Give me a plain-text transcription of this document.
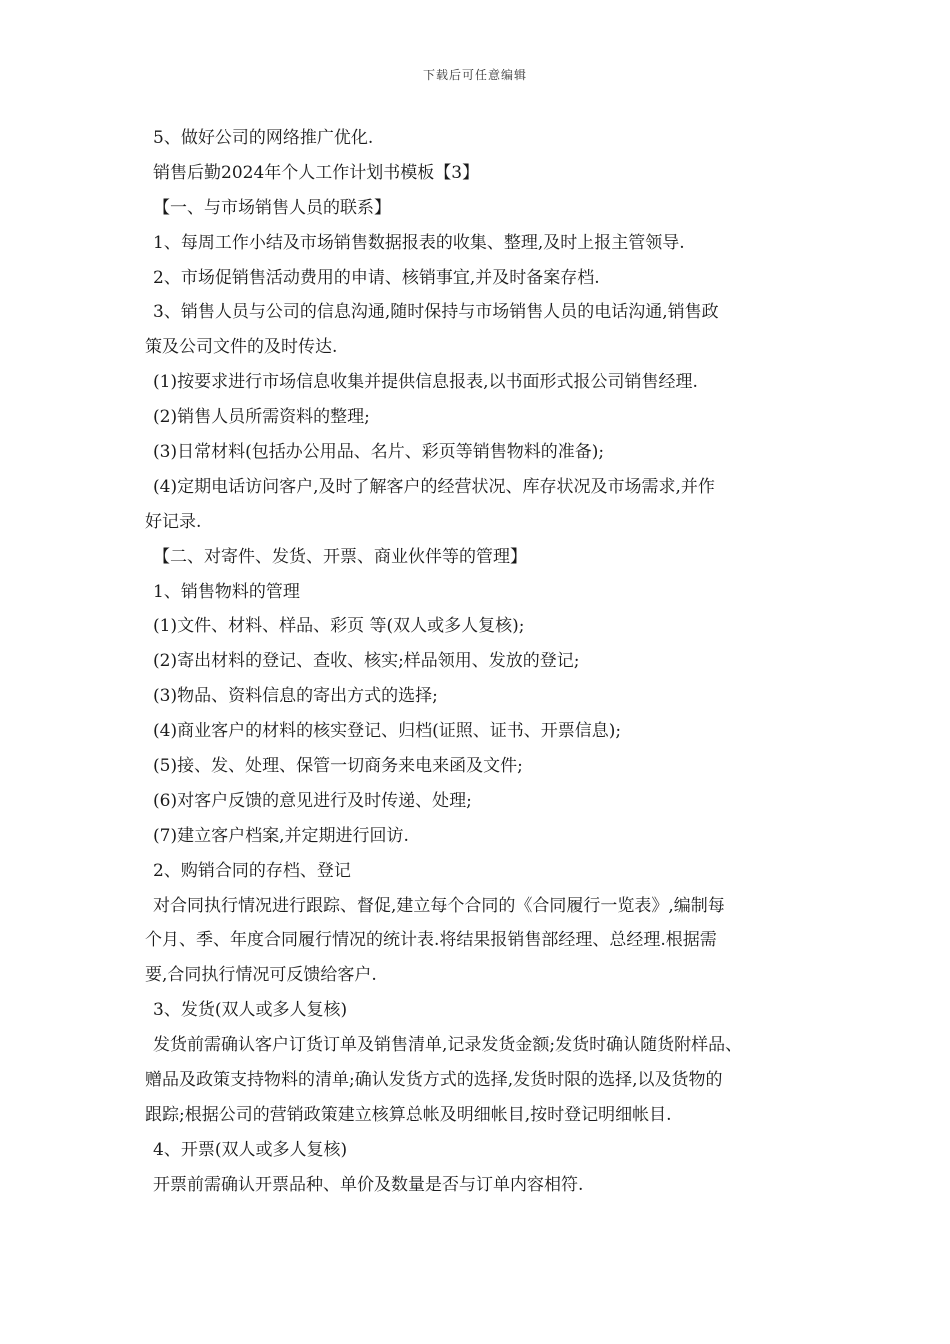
下载后可任意编辑
5、做好公司的网络推广优化.
销售后勤2024年个人工作计划书模板【3】
【一、与市场销售人员的联系】
1、每周工作小结及市场销售数据报表的收集、整理,及时上报主管领导.
2、市场促销售活动费用的申请、核销事宜,并及时备案存档.
3、销售人员与公司的信息沟通,随时保持与市场销售人员的电话沟通,销售政
策及公司文件的及时传达.
(1)按要求进行市场信息收集并提供信息报表,以书面形式报公司销售经理.
(2)销售人员所需资料的整理;
(3)日常材料(包括办公用品、名片、彩页等销售物料的准备);
(4)定期电话访问客户,及时了解客户的经营状况、库存状况及市场需求,并作
好记录.
【二、对寄件、发货、开票、商业伙伴等的管理】
1、销售物料的管理
(1)文件、材料、样品、彩页 等(双人或多人复核);
(2)寄出材料的登记、查收、核实;样品领用、发放的登记;
(3)物品、资料信息的寄出方式的选择;
(4)商业客户的材料的核实登记、归档(证照、证书、开票信息);
(5)接、发、处理、保管一切商务来电来函及文件;
(6)对客户反馈的意见进行及时传递、处理;
(7)建立客户档案,并定期进行回访.
2、购销合同的存档、登记
对合同执行情况进行跟踪、督促,建立每个合同的《合同履行一览表》,编制每
个月、季、年度合同履行情况的统计表.将结果报销售部经理、总经理.根据需
要,合同执行情况可反馈给客户.
3、发货(双人或多人复核)
发货前需确认客户订货订单及销售清单,记录发货金额;发货时确认随货附样品、
赠品及政策支持物料的清单;确认发货方式的选择,发货时限的选择,以及货物的
跟踪;根据公司的营销政策建立核算总帐及明细帐目,按时登记明细帐目.
4、开票(双人或多人复核)
开票前需确认开票品种、单价及数量是否与订单内容相符.
